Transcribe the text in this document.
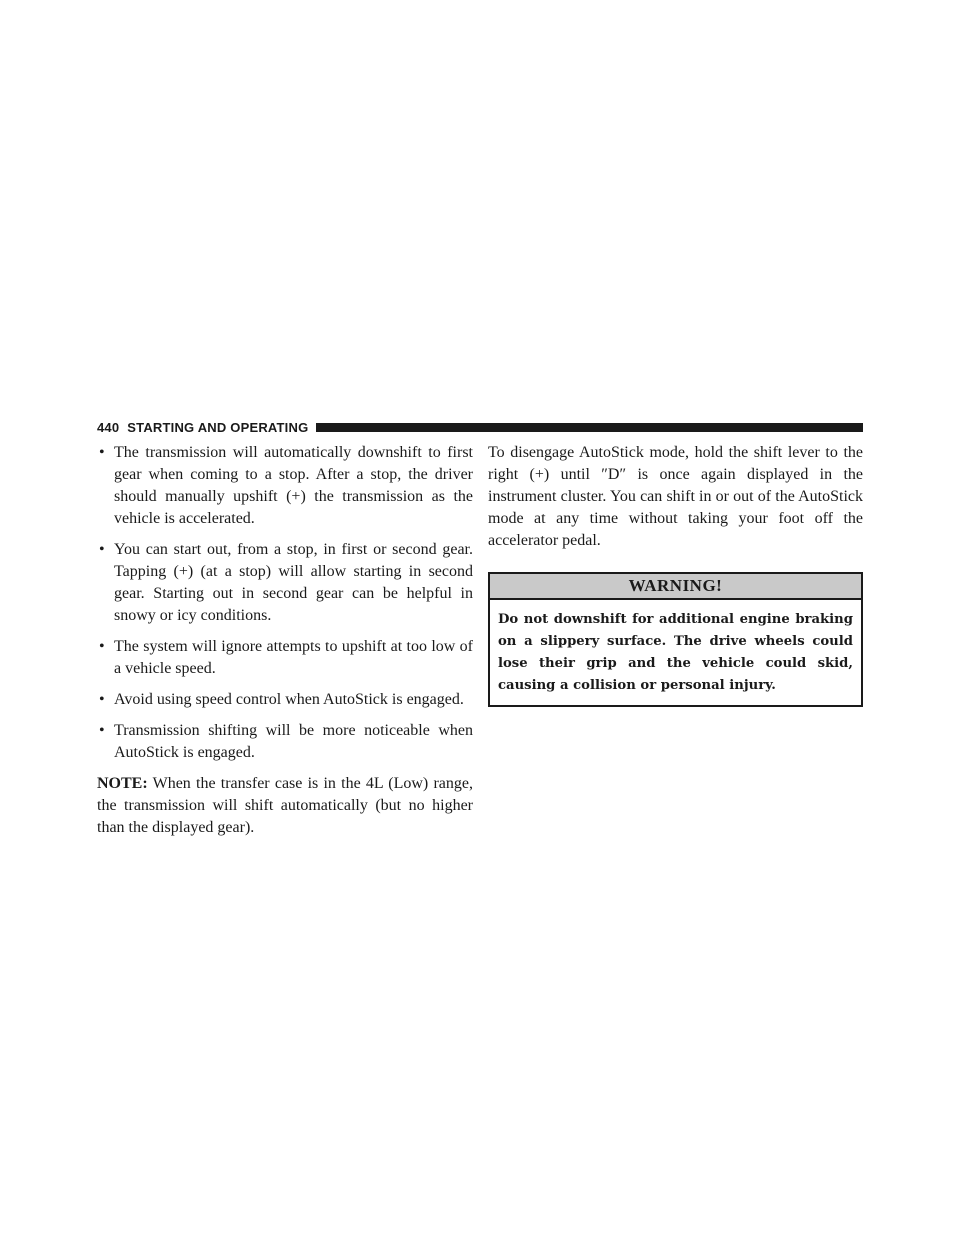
440 STARTING AND OPERATING
• The transmission will automatically downshift to first gear when coming to a stop. After a stop, the driver should manually upshift (+) the transmission as the vehicle is accelerated.
• You can start out, from a stop, in first or second gear. Tapping (+) (at a stop) will allow starting in second gear. Starting out in second gear can be helpful in snowy or icy conditions.
• The system will ignore attempts to upshift at too low of a vehicle speed.
• Avoid using speed control when AutoStick is engaged.
• Transmission shifting will be more noticeable when AutoStick is engaged.

NOTE: When the transfer case is in the 4L (Low) range, the transmission will shift automatically (but no higher than the displayed gear).

To disengage AutoStick mode, hold the shift lever to the right (+) until ″D″ is once again displayed in the instrument cluster. You can shift in or out of the AutoStick mode at any time without taking your foot off the accelerator pedal.

WARNING!
Do not downshift for additional engine braking on a slippery surface. The drive wheels could lose their grip and the vehicle could skid, causing a collision or personal injury.
